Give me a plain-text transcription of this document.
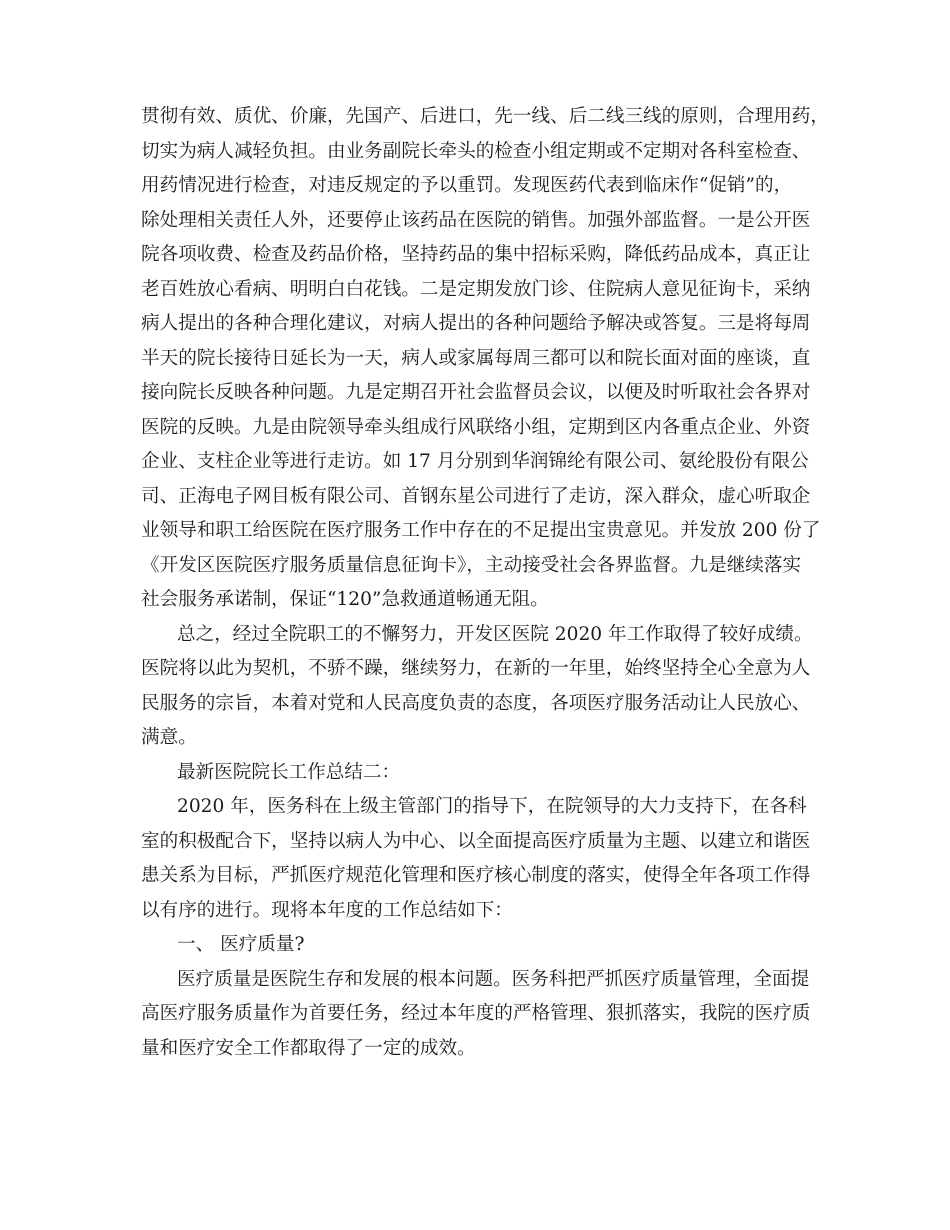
贯彻有效、质优、价廉，先国产、后进口，先一线、后二线三线的原则，合理用药，
切实为病人减轻负担。由业务副院长牵头的检查小组定期或不定期对各科室检查、
用药情况进行检查，对违反规定的予以重罚。发现医药代表到临床作“促销”的，
除处理相关责任人外，还要停止该药品在医院的销售。加强外部监督。一是公开医
院各项收费、检查及药品价格，坚持药品的集中招标采购，降低药品成本，真正让
老百姓放心看病、明明白白花钱。二是定期发放门诊、住院病人意见征询卡，采纳
病人提出的各种合理化建议，对病人提出的各种问题给予解决或答复。三是将每周
半天的院长接待日延长为一天，病人或家属每周三都可以和院长面对面的座谈，直
接向院长反映各种问题。九是定期召开社会监督员会议，以便及时听取社会各界对
医院的反映。九是由院领导牵头组成行风联络小组，定期到区内各重点企业、外资
企业、支柱企业等进行走访。如 17 月分别到华润锦纶有限公司、氨纶股份有限公
司、正海电子网目板有限公司、首钢东星公司进行了走访，深入群众，虚心听取企
业领导和职工给医院在医疗服务工作中存在的不足提出宝贵意见。并发放 200 份了
《开发区医院医疗服务质量信息征询卡》，主动接受社会各界监督。九是继续落实
社会服务承诺制，保证“120”急救通道畅通无阻。
总之，经过全院职工的不懈努力，开发区医院 2020 年工作取得了较好成绩。
医院将以此为契机，不骄不躁，继续努力，在新的一年里，始终坚持全心全意为人
民服务的宗旨，本着对党和人民高度负责的态度，各项医疗服务活动让人民放心、
满意。
最新医院院长工作总结二：
2020 年，医务科在上级主管部门的指导下，在院领导的大力支持下，在各科
室的积极配合下，坚持以病人为中心、以全面提高医疗质量为主题、以建立和谐医
患关系为目标，严抓医疗规范化管理和医疗核心制度的落实，使得全年各项工作得
以有序的进行。现将本年度的工作总结如下：
一、 医疗质量?
医疗质量是医院生存和发展的根本问题。医务科把严抓医疗质量管理，全面提
高医疗服务质量作为首要任务，经过本年度的严格管理、狠抓落实，我院的医疗质
量和医疗安全工作都取得了一定的成效。
